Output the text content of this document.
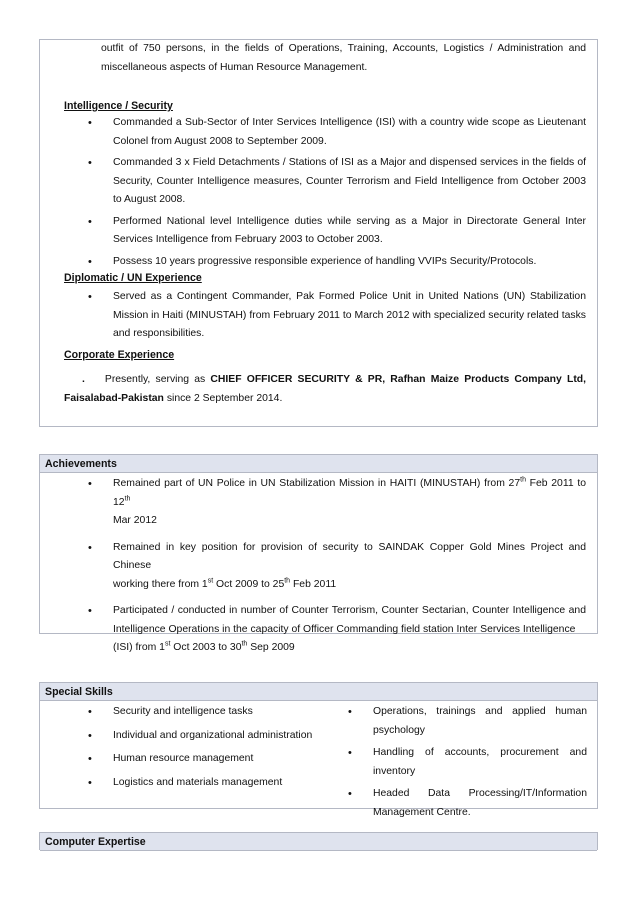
outfit of 750 persons, in the fields of Operations, Training, Accounts, Logistics / Administration and miscellaneous aspects of Human Resource Management.
Intelligence / Security
• Commanded a Sub-Sector of Inter Services Intelligence (ISI) with a country wide scope as Lieutenant Colonel from August 2008 to September 2009.
• Commanded 3 x Field Detachments / Stations of ISI as a Major and dispensed services in the fields of Security, Counter Intelligence measures, Counter Terrorism and Field Intelligence from October 2003 to August 2008.
• Performed National level Intelligence duties while serving as a Major in Directorate General Inter Services Intelligence from February 2003 to October 2003.
• Possess 10 years progressive responsible experience of handling VVIPs Security/Protocols.
Diplomatic / UN Experience
• Served as a Contingent Commander, Pak Formed Police Unit in United Nations (UN) Stabilization Mission in Haiti (MINUSTAH) from February 2011 to March 2012 with specialized security related tasks and responsibilities.
Corporate Experience
. Presently, serving as CHIEF OFFICER SECURITY & PR, Rafhan Maize Products Company Ltd, Faisalabad-Pakistan since 2 September 2014.
Achievements
• Remained part of UN Police in UN Stabilization Mission in HAITI (MINUSTAH) from 27th Feb 2011 to 12th
Mar 2012
• Remained in key position for provision of security to SAINDAK Copper Gold Mines Project and Chinese
working there from 1st Oct 2009 to 25th Feb 2011
• Participated / conducted in number of Counter Terrorism, Counter Sectarian, Counter Intelligence and Intelligence Operations in the capacity of Officer Commanding field station Inter Services Intelligence
(ISI) from 1st Oct 2003 to 30th Sep 2009
Special Skills
• Security and intelligence tasks
• Individual and organizational administration
• Human resource management
• Logistics and materials management
• Operations, trainings and applied human psychology
• Handling of accounts, procurement and inventory
• Headed Data Processing/IT/Information Management Centre.
Computer Expertise
